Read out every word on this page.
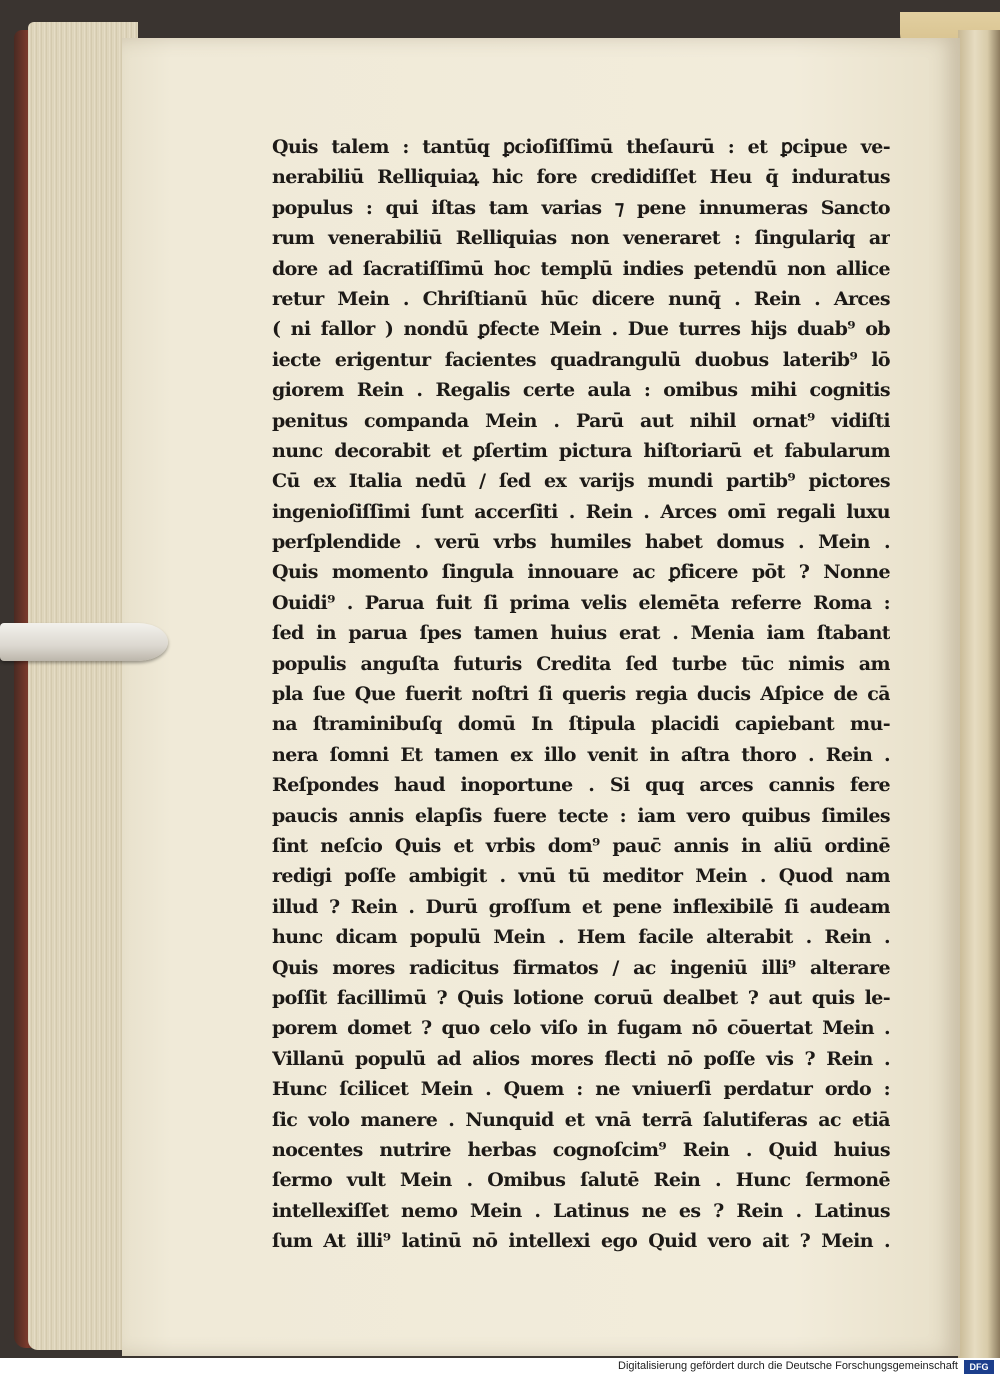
Quis talem : tantūq̧ ꝑcioſiſſimū theſaurū : et ꝑcipue ve-
nerabiliū Relliquiaꝝ hic fore credidiſſet Heu q̄ induratus
populus : qui iſtas tam varias ⁊ pene innumeras Sancto
rum venerabiliū Relliquias non veneraret : ſingulariq̧ ar
dore ad ſacratiſſimū hoc templū indies petendū non allice
retur Mein . Chriſtianū hūc dicere nunq̄ . Rein . Arces
( ni fallor ) nondū ꝑfecte Mein . Due turres hijs duab⁹ ob
iecte erigentur facientes quadrangulū duobus laterib⁹ lō
giorem Rein . Regalis certe aula : omibus mihi cognitis
penitus companda Mein . Parū aut nihil ornat⁹ vidiſti
nunc decorabit et ꝑſertim pictura hiſtoriarū et fabularum
Cū ex Italia nedū / ſed ex varijs mundi partib⁹ pictores
ingenioſiſſimi ſunt accerſiti . Rein . Arces omī regali luxu
perſplendide . verū vrbs humiles habet domus . Mein .
Quis momento ſingula innouare ac ꝑficere pōt ? Nonne
Ouidi⁹ . Parua fuit ſi prima velis elemēta referre Roma :
ſed in parua ſpes tamen huius erat . Menia iam ſtabant
populis anguſta futuris Credita ſed turbe tūc nimis am
pla ſue Que fuerit noſtri ſi queris regia ducis Aſpice de cā
na ſtraminibuſq̧ domū In ſtipula placidi capiebant mu-
nera ſomni Et tamen ex illo venit in aſtra thoro . Rein .
Reſpondes haud inoportune . Si quq̧ arces cannis fere
paucis annis elapſis fuere tecte : iam vero quibus ſimiles
ſint neſcio Quis et vrbis dom⁹ pauc̄ annis in aliū ordinē
redigi poſſe ambigit . vnū tū meditor Mein . Quod nam
illud ? Rein . Durū groſſum et pene inflexibilē ſi audeam
hunc dicam populū Mein . Hem facile alterabit . Rein .
Quis mores radicitus firmatos / ac ingeniū illi⁹ alterare
poſſit facillimū ? Quis lotione coruū dealbet ? aut quis le-
porem domet ? quo celo viſo in fugam nō cōuertat Mein .
Villanū populū ad alios mores flecti nō poſſe vis ? Rein .
Hunc ſcilicet Mein . Quem : ne vniuerſi perdatur ordo :
ſic volo manere . Nunquid et vnā terrā ſalutiferas ac etiā
nocentes nutrire herbas cognoſcim⁹ Rein . Quid huius
ſermo vult Mein . Omibus ſalutē Rein . Hunc ſermonē
intellexiſſet nemo Mein . Latinus ne es ? Rein . Latinus
ſum At illi⁹ latinū nō intellexi ego Quid vero ait ? Mein .
Digitalisierung gefördert durch die Deutsche Forschungsgemeinschaft	DFG
